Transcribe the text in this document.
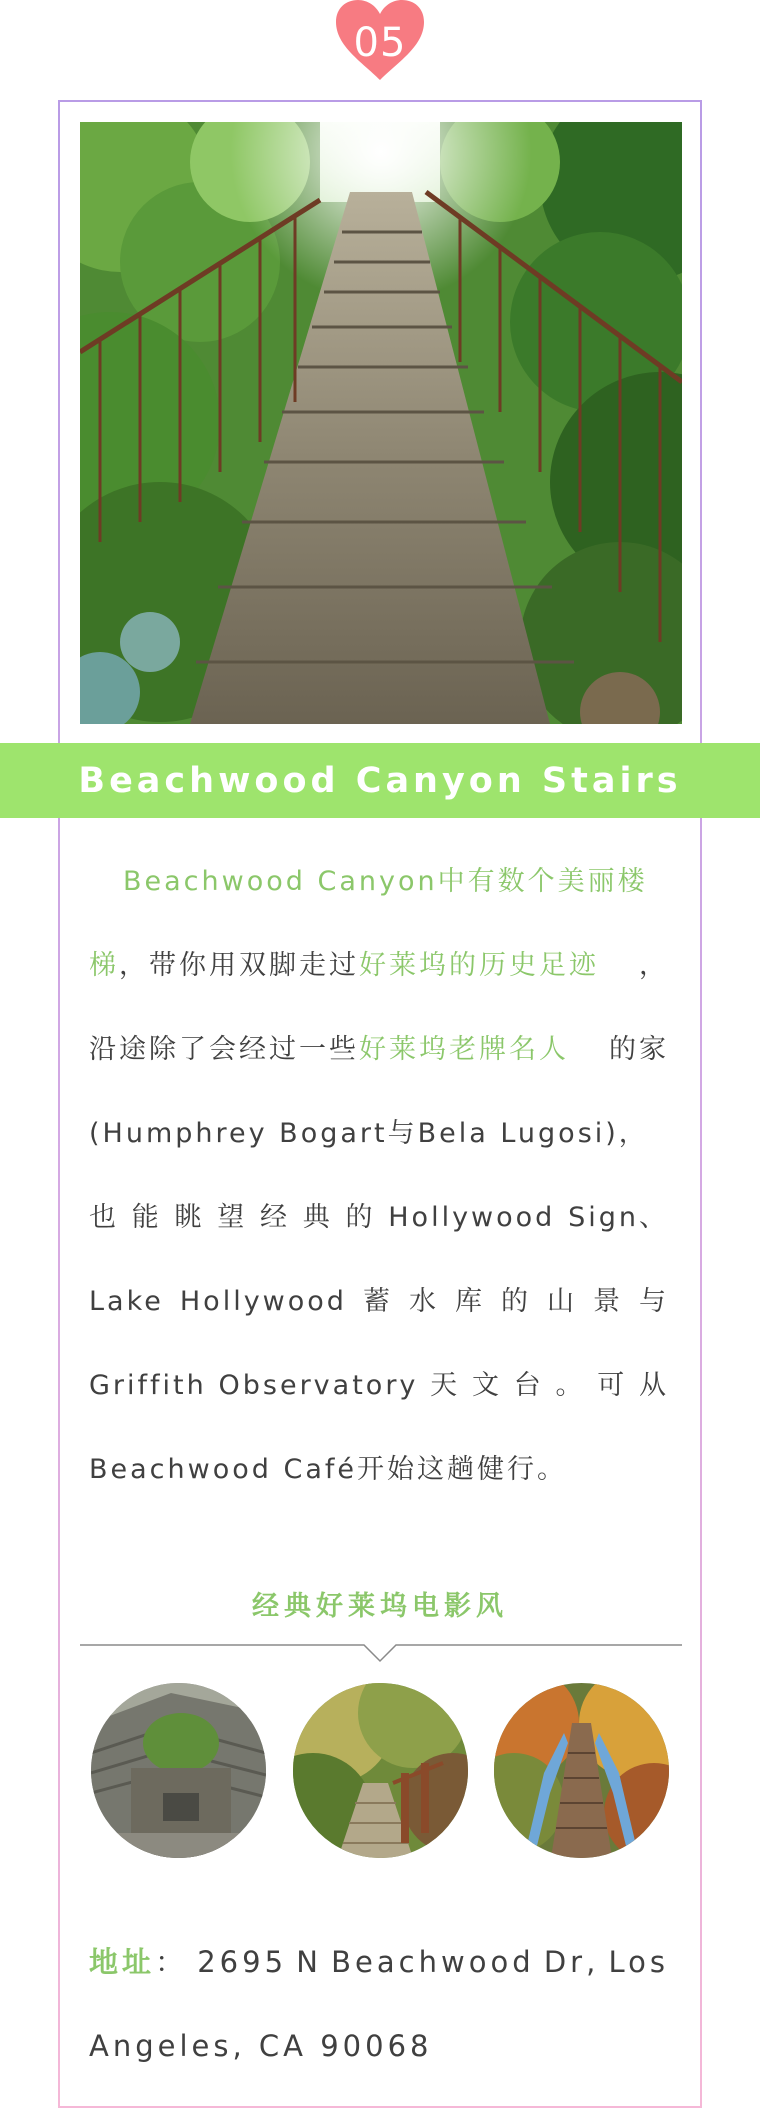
05
Beachwood Canyon Stairs
Beachwood Canyon中有数个美丽楼
梯，带你用双脚走过好莱坞的历史足迹 ，
沿途除了会经过一些好莱坞老牌名人 的家
(Humphrey Bogart与Bela Lugosi)，
也 能 眺 望 经 典 的 Hollywood Sign、
Lake Hollywood 蓄 水 库 的 山 景 与
Griffith Observatory 天 文 台 。 可 从
Beachwood Café开始这趟健行。
经典好莱坞电影风
地址： 2695 N Beachwood Dr, Los
Angeles, CA 90068
